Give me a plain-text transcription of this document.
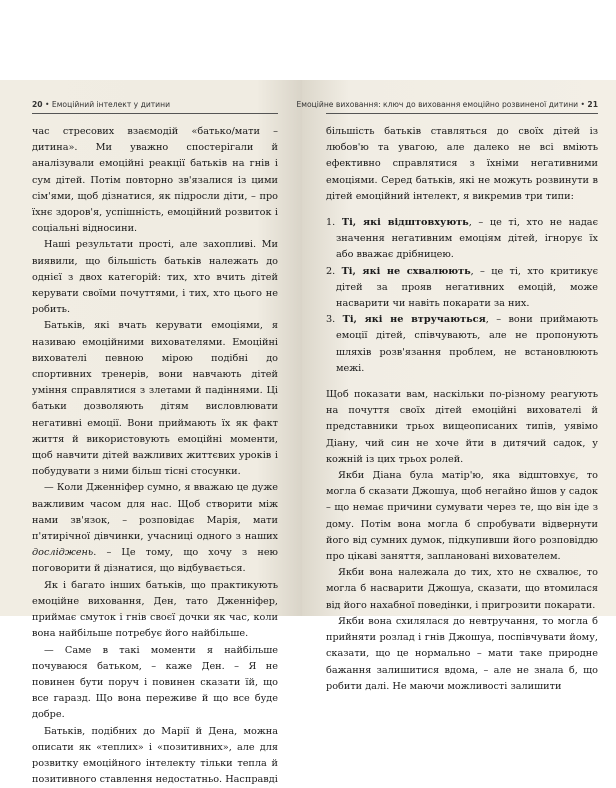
20 • Емоційний інтелект у дитини

час стресових взаємодій «батько/мати – дитина». Ми уважно спостерігали й аналізували емоційні реакції батьків на гнів і сум дітей. Потім повторно зв'язалися із цими сім'ями, щоб дізнатися, як підросли діти, – про їхнє здоров'я, успішність, емоційний розвиток і соціальні відносини.

Наші результати прості, але захопливі. Ми виявили, що більшість батьків належать до однієї з двох категорій: тих, хто вчить дітей керувати своїми почуттями, і тих, хто цього не робить.

Батьків, які вчать керувати емоціями, я називаю емоційними вихователями. Емоційні вихователі певною мірою подібні до спортивних тренерів, вони навчають дітей уміння справлятися з злетами й падіннями. Ці батьки дозволяють дітям висловлювати негативні емоції. Вони приймають їх як факт життя й використовують емоційні моменти, щоб навчити дітей важливих життєвих уроків і побудувати з ними більш тісні стосунки.

— Коли Дженніфер сумно, я вважаю це дуже важливим часом для нас. Щоб створити між нами зв'язок, – розповідає Марія, мати п'ятирічної дівчинки, учасниці одного з наших досліджень. – Це тому, що хочу з нею поговорити й дізнатися, що відбувається.

Як і багато інших батьків, що практикують емоційне виховання, Ден, тато Дженніфер, приймає смуток і гнів своєї дочки як час, коли вона найбільше потребує його найбільше.

— Саме в такі моменти я найбільше почуваюся батьком, – каже Ден. – Я не повинен бути поруч і повинен сказати їй, що все гаразд. Що вона переживе й що все буде добре.

Батьків, подібних до Марії й Дена, можна описати як «теплих» і «позитивних», але для розвитку емоційного інтелекту тільки тепла й позитивного ставлення недостатньо. Насправді

Емоційне виховання: ключ до виховання емоційно розвиненої дитини • 21

більшість батьків ставляться до своїх дітей із любов'ю та увагою, але далеко не всі вміють ефективно справлятися з їхніми негативними емоціями. Серед батьків, які не можуть розвинути в дітей емоційний інтелект, я викремив три типи:

1. Ті, які відштовхують, – це ті, хто не надає значення негативним емоціям дітей, ігнорує їх або вважає дрібницею.

2. Ті, які не схвалюють, – це ті, хто критикує дітей за прояв негативних емоцій, може насварити чи навіть покарати за них.

3. Ті, які не втручаються, – вони приймають емоції дітей, співчувають, але не пропонують шляхів розв'язання проблем, не встановлюють межі.

Щоб показати вам, наскільки по-різному реагують на почуття своїх дітей емоційні вихователі й представники трьох вищеописаних типів, уявімо Діану, чий син не хоче йти в дитячий садок, у кожній із цих трьох ролей.

Якби Діана була матір'ю, яка відштовхує, то могла б сказати Джошуа, щоб негайно йшов у садок – що немає причини сумувати через те, що він іде з дому. Потім вона могла б спробувати відвернути його від сумних думок, підкупивши його розповіддю про цікаві заняття, заплановані вихователем.

Якби вона належала до тих, хто не схвалює, то могла б насварити Джошуа, сказати, що втомилася від його нахабної поведінки, і пригрозити покарати.

Якби вона схилялася до невтручання, то могла б прийняти розлад і гнів Джошуа, поспівчувати йому, сказати, що це нормально – мати таке природне бажання залишитися вдома, – але не знала б, що робити далі. Не маючи можливості залишити
